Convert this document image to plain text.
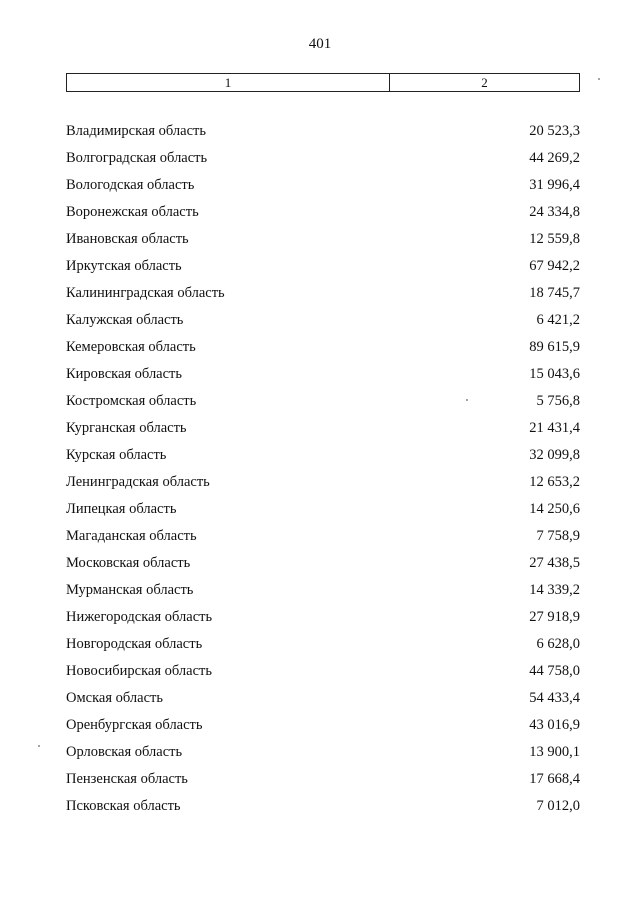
401
1	2
Владимирская область	20 523,3
Волгоградская область	44 269,2
Вологодская область	31 996,4
Воронежская область	24 334,8
Ивановская область	12 559,8
Иркутская область	67 942,2
Калининградская область	18 745,7
Калужская область	6 421,2
Кемеровская область	89 615,9
Кировская область	15 043,6
Костромская область	5 756,8
Курганская область	21 431,4
Курская область	32 099,8
Ленинградская область	12 653,2
Липецкая область	14 250,6
Магаданская область	7 758,9
Московская область	27 438,5
Мурманская область	14 339,2
Нижегородская область	27 918,9
Новгородская область	6 628,0
Новосибирская область	44 758,0
Омская область	54 433,4
Оренбургская область	43 016,9
Орловская область	13 900,1
Пензенская область	17 668,4
Псковская область	7 012,0
